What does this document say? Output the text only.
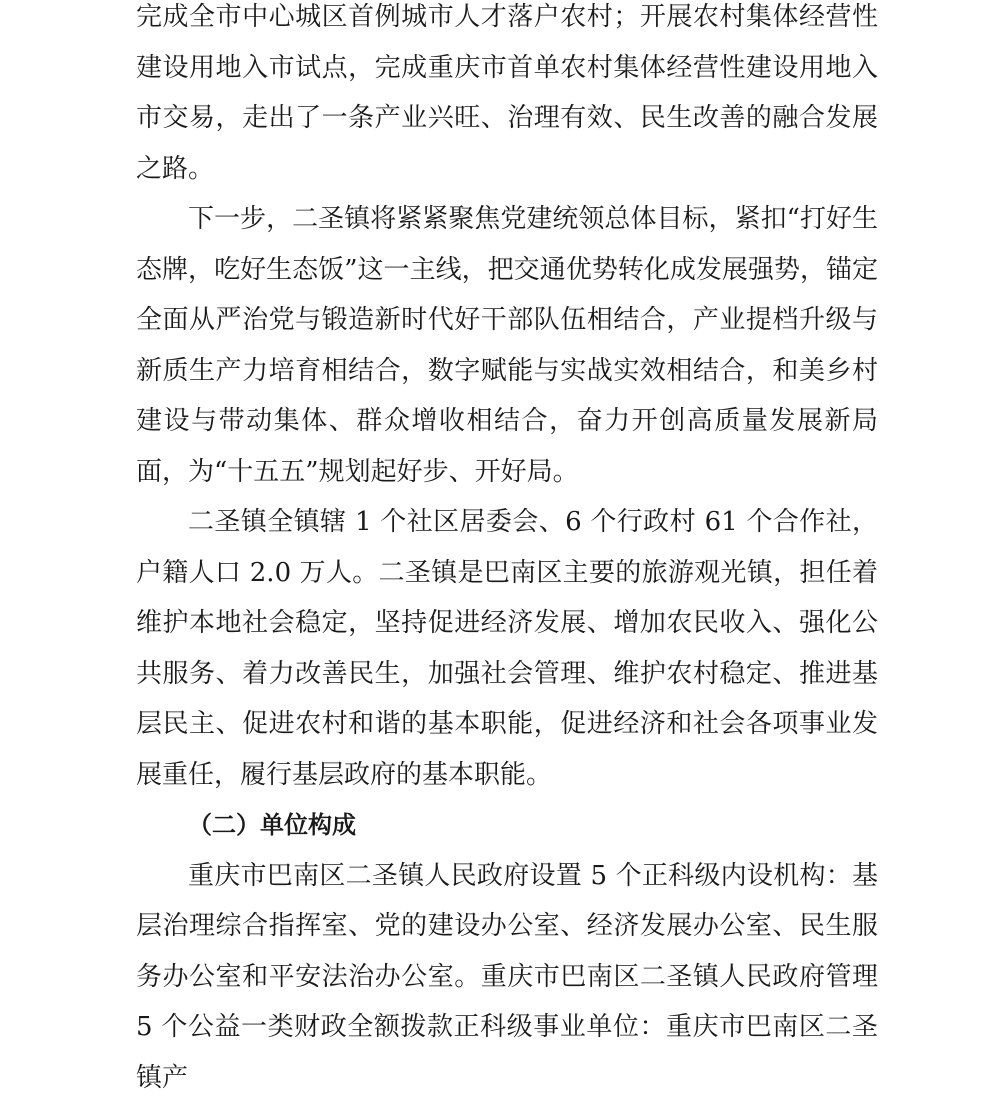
完成全市中心城区首例城市人才落户农村；开展农村集体经营性建设用地入市试点，完成重庆市首单农村集体经营性建设用地入市交易，走出了一条产业兴旺、治理有效、民生改善的融合发展之路。

下一步，二圣镇将紧紧聚焦党建统领总体目标，紧扣“打好生态牌，吃好生态饭”这一主线，把交通优势转化成发展强势，锚定全面从严治党与锻造新时代好干部队伍相结合，产业提档升级与新质生产力培育相结合，数字赋能与实战实效相结合，和美乡村建设与带动集体、群众增收相结合，奋力开创高质量发展新局面，为“十五五”规划起好步、开好局。

二圣镇全镇辖 1 个社区居委会、6 个行政村 61 个合作社，户籍人口 2.0 万人。二圣镇是巴南区主要的旅游观光镇，担任着维护本地社会稳定，坚持促进经济发展、增加农民收入、强化公共服务、着力改善民生，加强社会管理、维护农村稳定、推进基层民主、促进农村和谐的基本职能，促进经济和社会各项事业发展重任，履行基层政府的基本职能。

（二）单位构成

重庆市巴南区二圣镇人民政府设置 5 个正科级内设机构：基层治理综合指挥室、党的建设办公室、经济发展办公室、民生服务办公室和平安法治办公室。重庆市巴南区二圣镇人民政府管理 5 个公益一类财政全额拨款正科级事业单位：重庆市巴南区二圣镇产
